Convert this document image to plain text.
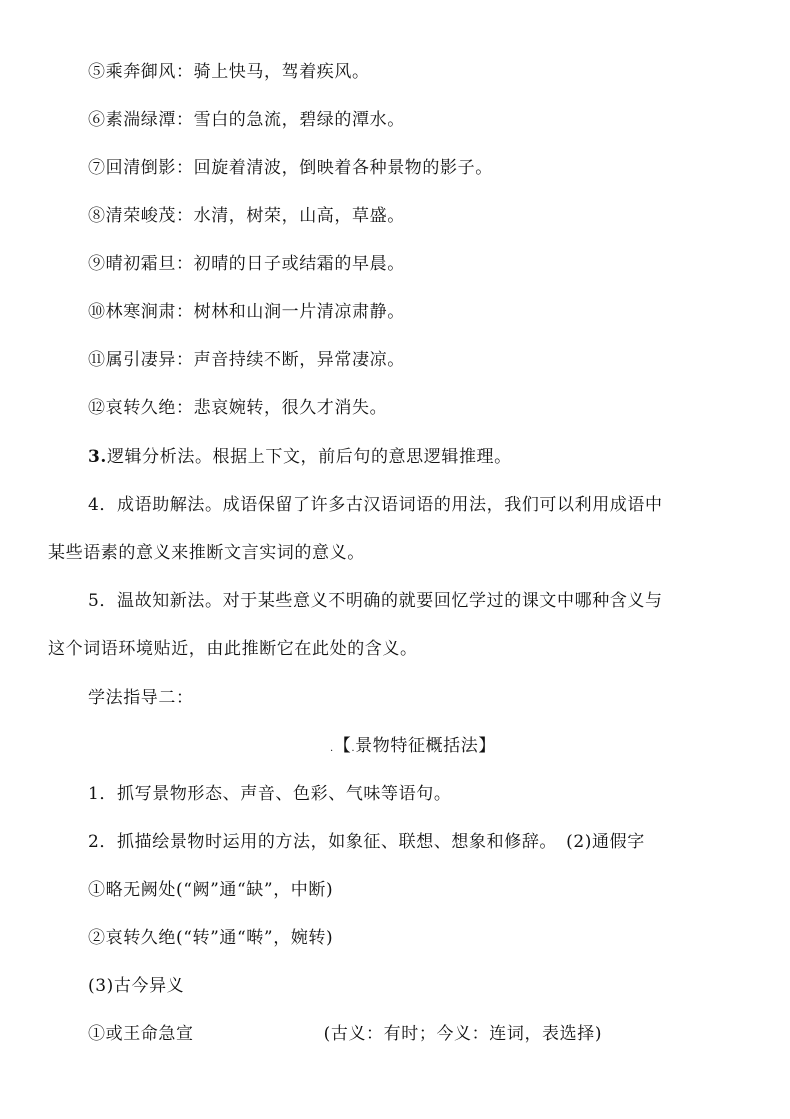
⑤乘奔御风：骑上快马，驾着疾风。
⑥素湍绿潭：雪白的急流，碧绿的潭水。
⑦回清倒影：回旋着清波，倒映着各种景物的影子。
⑧清荣峻茂：水清，树荣，山高，草盛。
⑨晴初霜旦：初晴的日子或结霜的早晨。
⑩林寒涧肃：树林和山涧一片清凉肃静。
⑪属引凄异：声音持续不断，异常凄凉。
⑫哀转久绝：悲哀婉转，很久才消失。
3.逻辑分析法。根据上下文，前后句的意思逻辑推理。
4．成语助解法。成语保留了许多古汉语词语的用法，我们可以利用成语中
某些语素的意义来推断文言实词的意义。
5．温故知新法。对于某些意义不明确的就要回忆学过的课文中哪种含义与
这个词语环境贴近，由此推断它在此处的含义。
学法指导二：
.【.景物特征概括法】
1．抓写景物形态、声音、色彩、气味等语句。
2．抓描绘景物时运用的方法，如象征、联想、想象和修辞。　(2)通假字
①略无阙处(“阙”通“缺”，中断)
②哀转久绝(“转”通“啭”，婉转)
(3)古今异义
①或王命急宣	(古义：有时；今义：连词，表选择)
